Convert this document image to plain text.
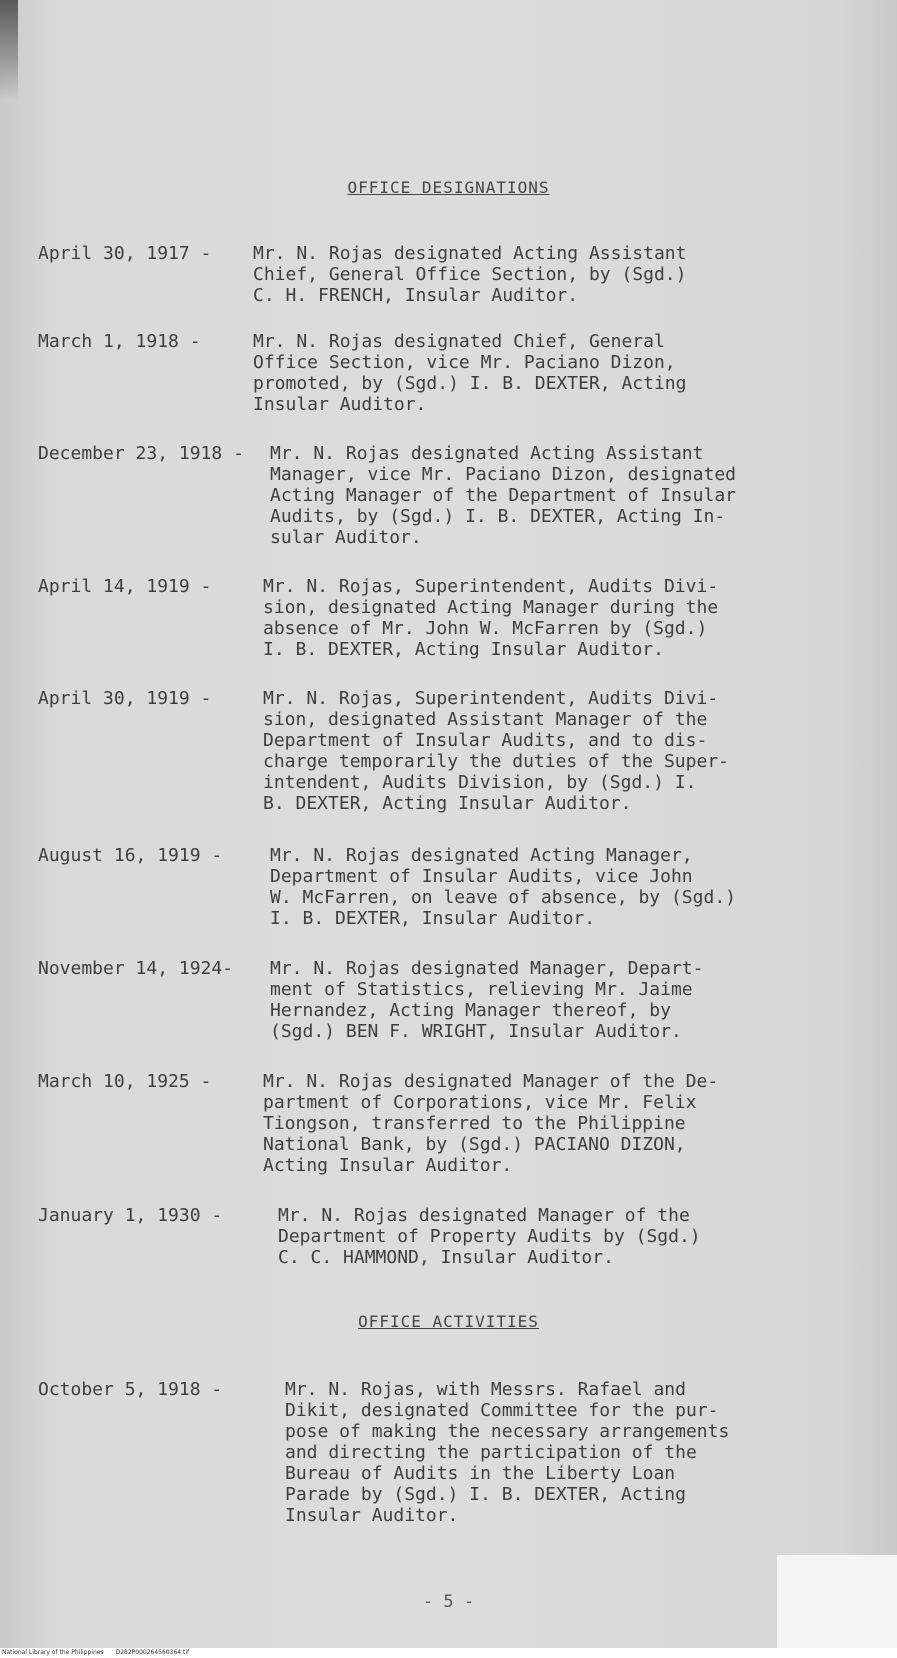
OFFICE DESIGNATIONS
April 30, 1917 - Mr. N. Rojas designated Acting Assistant
Chief, General Office Section, by (Sgd.)
C. H. FRENCH, Insular Auditor.
March 1, 1918 -	Mr. N. Rojas designated Chief, General
Office Section, vice Mr. Paciano Dizon,
promoted, by (Sgd.) I. B. DEXTER, Acting
Insular Auditor.
December 23, 1918 - Mr. N. Rojas designated Acting Assistant
Manager, vice Mr. Paciano Dizon, designated
Acting Manager of the Department of Insular
Audits, by (Sgd.) I. B. DEXTER, Acting In-
sular Auditor.
April 14, 1919 -	Mr. N. Rojas, Superintendent, Audits Divi-
sion, designated Acting Manager during the
absence of Mr. John W. McFarren by (Sgd.)
I. B. DEXTER, Acting Insular Auditor.
April 30, 1919 -	Mr. N. Rojas, Superintendent, Audits Divi-
sion, designated Assistant Manager of the
Department of Insular Audits, and to dis-
charge temporarily the duties of the Super-
intendent, Audits Division, by (Sgd.) I.
B. DEXTER, Acting Insular Auditor.
August 16, 1919 -	Mr. N. Rojas designated Acting Manager,
Department of Insular Audits, vice John
W. McFarren, on leave of absence, by (Sgd.)
I. B. DEXTER, Insular Auditor.
November 14, 1924- Mr. N. Rojas designated Manager, Depart-
ment of Statistics, relieving Mr. Jaime
Hernandez, Acting Manager thereof, by
(Sgd.) BEN F. WRIGHT, Insular Auditor.
March 10, 1925 -	Mr. N. Rojas designated Manager of the De-
partment of Corporations, vice Mr. Felix
Tiongson, transferred to the Philippine
National Bank, by (Sgd.) PACIANO DIZON,
Acting Insular Auditor.
January 1, 1930 -	Mr. N. Rojas designated Manager of the
Department of Property Audits by (Sgd.)
C. C. HAMMOND, Insular Auditor.
OFFICE ACTIVITIES
October 5, 1918 -	Mr. N. Rojas, with Messrs. Rafael and
Dikit, designated Committee for the pur-
pose of making the necessary arrangements
and directing the participation of the
Bureau of Audits in the Liberty Loan
Parade by (Sgd.) I. B. DEXTER, Acting
Insular Auditor.
- 5 -
National Library of the Philippines D282P000264560364.tif
